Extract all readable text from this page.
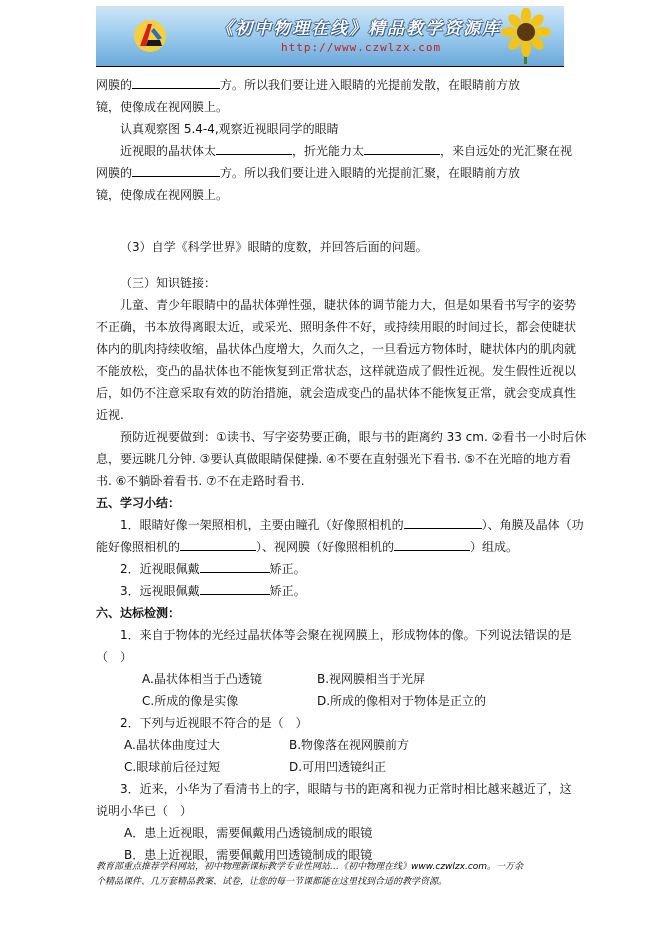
《初中物理在线》精品教学资源库
http://www.czwlzx.com

网膜的	方。所以我们要让进入眼睛的光提前发散，在眼睛前方放

镜，使像成在视网膜上。

认真观察图 5.4-4,观察近视眼同学的眼睛

近视眼的晶状体太	，折光能力太	，来自远处的光汇聚在视

网膜的	方。所以我们要让进入眼睛的光提前汇聚，在眼睛前方放

镜，使像成在视网膜上。

（3）自学《科学世界》眼睛的度数，并回答后面的问题。

（三）知识链接：

儿童、青少年眼睛中的晶状体弹性强，睫状体的调节能力大，但是如果看书写字的姿势

不正确，书本放得离眼太近，或采光、照明条件不好，或持续用眼的时间过长，都会使睫状

体内的肌肉持续收缩，晶状体凸度增大，久而久之，一旦看远方物体时，睫状体内的肌肉就

不能放松，变凸的晶状体也不能恢复到正常状态，这样就造成了假性近视。发生假性近视以

后，如仍不注意采取有效的防治措施，就会造成变凸的晶状体不能恢复正常，就会变成真性

近视.

预防近视要做到：①读书、写字姿势要正确，眼与书的距离约 33 cm. ②看书一小时后休

息，要远眺几分钟. ③要认真做眼睛保健操. ④不要在直射强光下看书. ⑤不在光暗的地方看

书. ⑥不躺卧着看书. ⑦不在走路时看书.

五、学习小结：

1．眼睛好像一架照相机，主要由瞳孔（好像照相机的	）、角膜及晶体（功

能好像照相机的	）、视网膜（好像照相机的	）组成。

2．近视眼佩戴	矫正。

3．远视眼佩戴	矫正。

六、达标检测：

1．来自于物体的光经过晶状体等会聚在视网膜上，形成物体的像。下列说法错误的是

（　）

A.晶状体相当于凸透镜	B.视网膜相当于光屏

C.所成的像是实像	D.所成的像相对于物体是正立的

2．下列与近视眼不符合的是（　）

A.晶状体曲度过大	B.物像落在视网膜前方

C.眼球前后径过短	D.可用凹透镜纠正

3．近来，小华为了看清书上的字，眼睛与书的距离和视力正常时相比越来越近了，这

说明小华已（　）

A．患上近视眼，需要佩戴用凸透镜制成的眼镜

B．患上近视眼，需要佩戴用凹透镜制成的眼镜

教育部重点推荐学科网站，初中物理新课标教学专业性网站…《初中物理在线》www.czwlzx.com。一万余

个精品课件、几万套精品教案、试卷，让您的每一节课都能在这里找到合适的教学资源。
